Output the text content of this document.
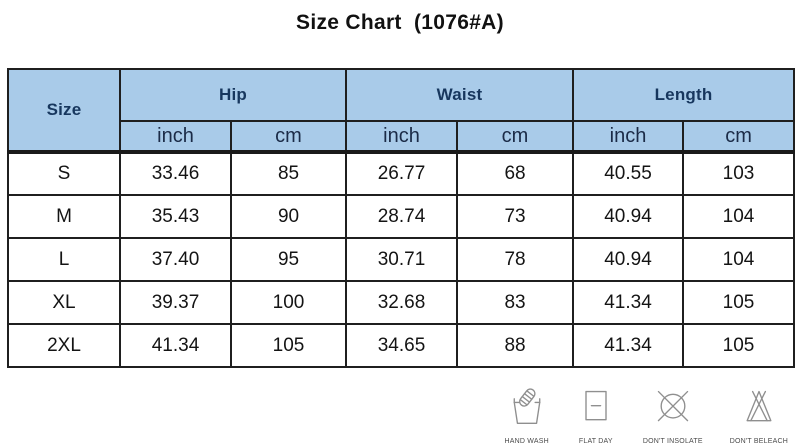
Size Chart  (1076#A)
Size	Hip		Waist		Length	
	inch	cm	inch	cm	inch	cm
S	33.46	85	26.77	68	40.55	103
M	35.43	90	28.74	73	40.94	104
L	37.40	95	30.71	78	40.94	104
XL	39.37	100	32.68	83	41.34	105
2XL	41.34	105	34.65	88	41.34	105
HAND WASH	FLAT DAY	DON'T INSOLATE	DON'T BELEACH
